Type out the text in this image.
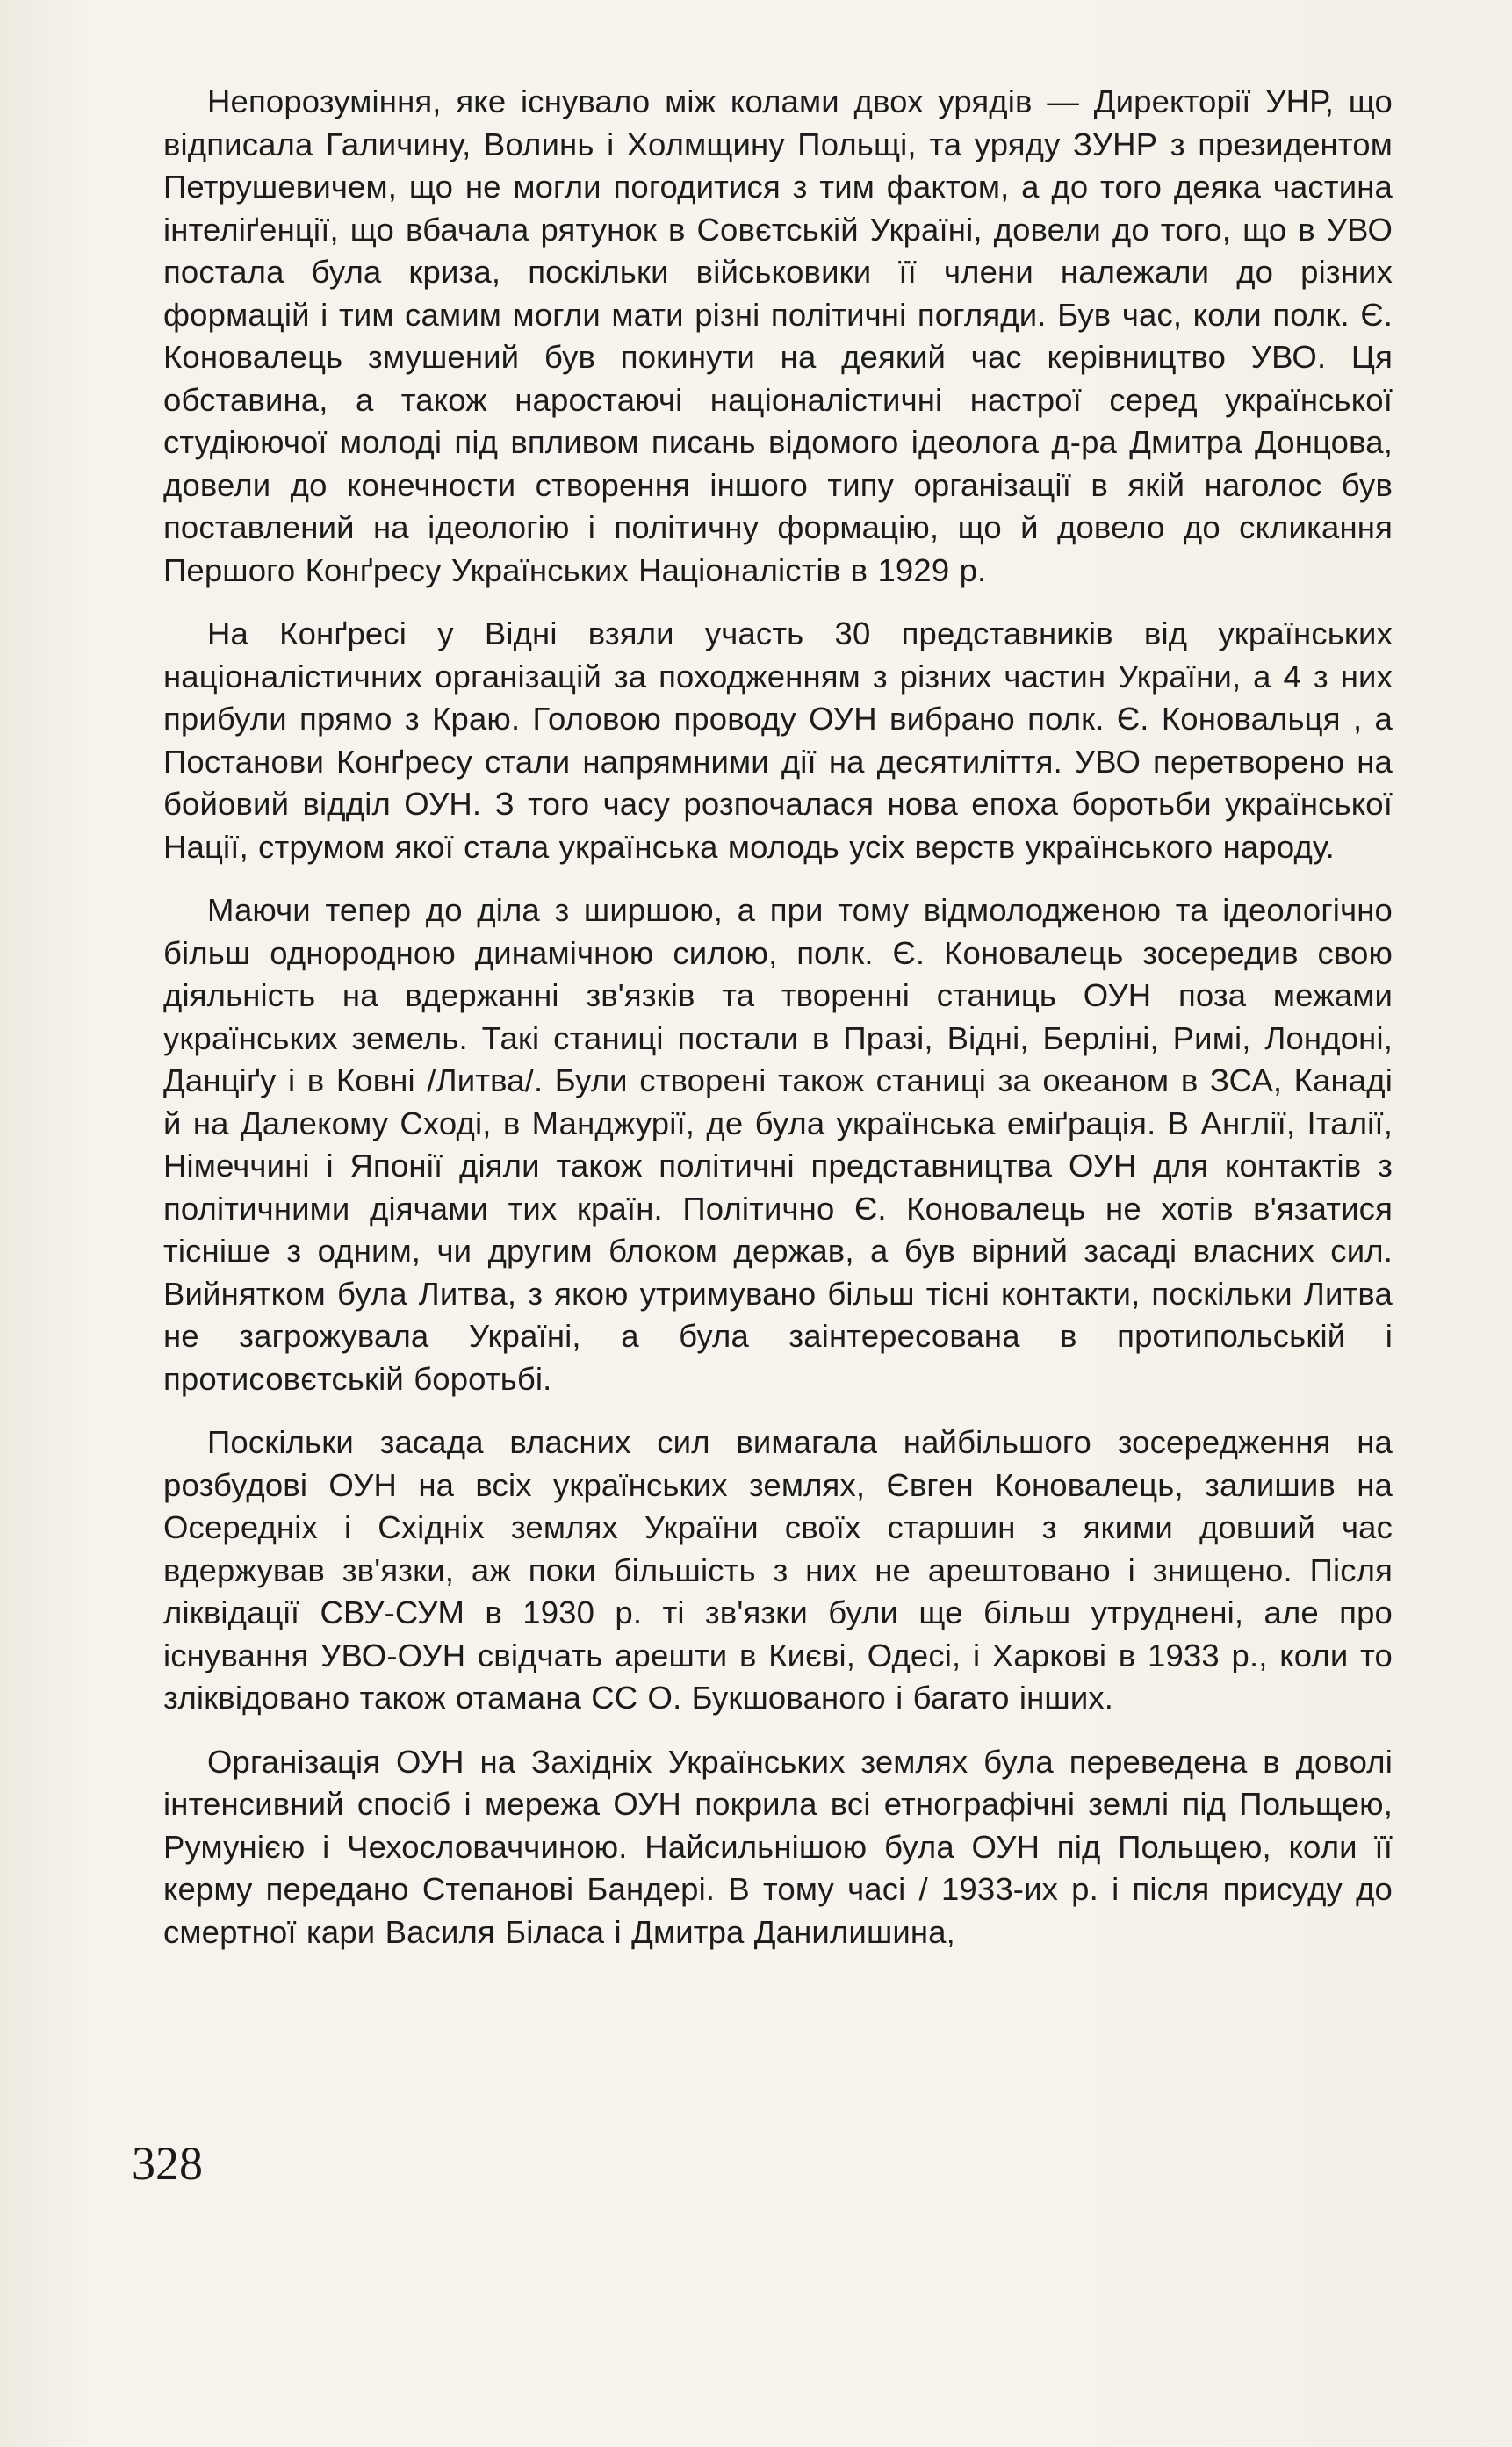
Непорозуміння, яке існувало між колами двох урядів — Директорії УНР, що відписала Галичину, Волинь і Холмщину Польщі, та уряду ЗУНР з президентом Петрушевичем, що не могли погодитися з тим фактом, а до того деяка частина інтеліґенції, що вбачала рятунок в Совєтській Україні, довели до того, що в УВО постала була криза, поскільки військовики її члени належали до різних формацій і тим самим могли мати різні політичні погляди. Був час, коли полк. Є. Коновалець змушений був покинути на деякий час керівництво УВО. Ця обставина, а також наростаючі націоналістичні настрої серед української студіюючої молоді під впливом писань відомого ідеолога д-ра Дмитра Донцова, довели до конечности створення іншого типу організації в якій наголос був поставлений на ідеологію і політичну формацію, що й довело до скликання Першого Конґресу Українських Націоналістів в 1929 р.

На Конґресі у Відні взяли участь 30 представників від українських націоналістичних організацій за походженням з різних частин України, а 4 з них прибули прямо з Краю. Головою проводу ОУН вибрано полк. Є. Коновальця , а Постанови Конґресу стали напрямними дії на десятиліття. УВО перетворено на бойовий відділ ОУН. З того часу розпочалася нова епоха боротьби української Нації, струмом якої стала українська молодь усіх верств українського народу.

Маючи тепер до діла з ширшою, а при тому відмолодженою та ідеологічно більш однородною динамічною силою, полк. Є. Коновалець зосередив свою діяльність на вдержанні зв'язків та творенні станиць ОУН поза межами українських земель. Такі станиці постали в Празі, Відні, Берліні, Римі, Лондоні, Данціґу і в Ковні /Литва/. Були створені також станиці за океаном в ЗСА, Канаді й на Далекому Сході, в Манджурії, де була українська еміґрація. В Англії, Італії, Німеччині і Японії діяли також політичні представництва ОУН для контактів з політичними діячами тих країн. Політично Є. Коновалець не хотів в'язатися тісніше з одним, чи другим блоком держав, а був вірний засаді власних сил. Вийнятком була Литва, з якою утримувано більш тісні контакти, поскільки Литва не загрожувала Україні, а була заінтересована в протипольській і протисовєтській боротьбі.

Поскільки засада власних сил вимагала найбільшого зосередження на розбудові ОУН на всіх українських землях, Євген Коновалець, залишив на Осередніх і Східніх землях України своїх старшин з якими довший час вдержував зв'язки, аж поки більшість з них не арештовано і знищено. Після ліквідації СВУ-СУМ в 1930 р. ті зв'язки були ще більш утруднені, але про існування УВО-ОУН свідчать арешти в Києві, Одесі, і Харкові в 1933 р., коли то зліквідовано також отамана СС О. Букшованого і багато інших.

Організація ОУН на Західніх Українських землях була переведена в доволі інтенсивний спосіб і мережа ОУН покрила всі етнографічні землі під Польщею, Румунією і Чехословаччиною. Найсильнішою була ОУН під Польщею, коли її керму передано Степанові Бандері. В тому часі / 1933-их р. і після присуду до смертної кари Василя Біласа і Дмитра Данилишина,

328
